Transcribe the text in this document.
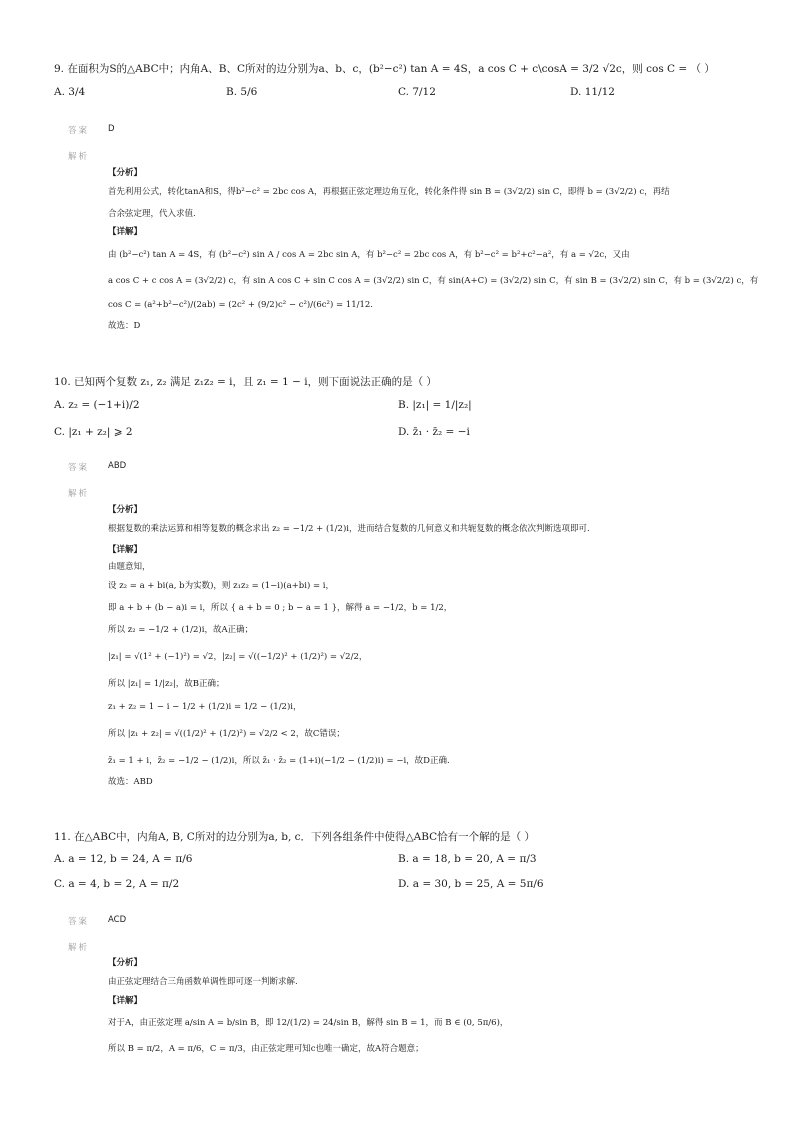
9. 在面积为S的△ABC中；内角A、B、C所对的边分别为a、b、c，(b²−c²) tan A = 4S，a cos C + c\cosA = 3/2 √2c，则 cos C = （ ）
A. 3/4	B. 5/6	C. 7/12	D. 11/12
答案 D
解析
【分析】
首先利用公式，转化tanA和S，得b²−c² = 2bc cos A，再根据正弦定理边角互化，转化条件得 sin B = (3√2/2) sin C，即得 b = (3√2/2) c，再结
合余弦定理，代入求值.
【详解】
由 (b²−c²) tan A = 4S，有 (b²−c²) sin A / cos A = 2bc sin A，有 b²−c² = 2bc cos A，有 b²−c² = b²+c²−a²，有 a = √2c，又由
a cos C + c cos A = (3√2/2) c，有 sin A cos C + sin C cos A = (3√2/2) sin C，有 sin(A+C) = (3√2/2) sin C，有 sin B = (3√2/2) sin C，有 b = (3√2/2) c，有
cos C = (a²+b²−c²)/(2ab) = (2c² + (9/2)c² − c²)/(6c²) = 11/12.
故选：D
10. 已知两个复数 z₁, z₂ 满足 z₁z₂ = i，且 z₁ = 1 − i，则下面说法正确的是（ ）
A. z₂ = (−1+i)/2	B. |z₁| = 1/|z₂|
C. |z₁ + z₂| ⩾ 2	D. z̄₁ · z̄₂ = −i
答案 ABD
解析
【分析】
根据复数的乘法运算和相等复数的概念求出 z₂ = −1/2 + (1/2)i，进而结合复数的几何意义和共轭复数的概念依次判断选项即可.
【详解】
由题意知，
设 z₂ = a + bi(a, b为实数)，则 z₁z₂ = (1−i)(a+bi) = i，
即 a + b + (b − a)i = i，所以 { a + b = 0 ; b − a = 1 }，解得 a = −1/2，b = 1/2，
所以 z₂ = −1/2 + (1/2)i，故A正确；
|z₁| = √(1² + (−1)²) = √2，|z₂| = √((−1/2)² + (1/2)²) = √2/2，
所以 |z₁| = 1/|z₂|，故B正确；
z₁ + z₂ = 1 − i − 1/2 + (1/2)i = 1/2 − (1/2)i，
所以 |z₁ + z₂| = √((1/2)² + (1/2)²) = √2/2 < 2，故C错误；
z̄₁ = 1 + i，z̄₂ = −1/2 − (1/2)i，所以 z̄₁ · z̄₂ = (1+i)(−1/2 − (1/2)i) = −i，故D正确.
故选：ABD
11. 在△ABC中，内角A, B, C所对的边分别为a, b, c．下列各组条件中使得△ABC恰有一个解的是（ ）
A. a = 12, b = 24, A = π/6	B. a = 18, b = 20, A = π/3
C. a = 4, b = 2, A = π/2	D. a = 30, b = 25, A = 5π/6
答案 ACD
解析
【分析】
由正弦定理结合三角函数单调性即可逐一判断求解.
【详解】
对于A，由正弦定理 a/sin A = b/sin B，即 12/(1/2) = 24/sin B，解得 sin B = 1，而 B ∈ (0, 5π/6)，
所以 B = π/2，A = π/6，C = π/3，由正弦定理可知c也唯一确定，故A符合题意；
